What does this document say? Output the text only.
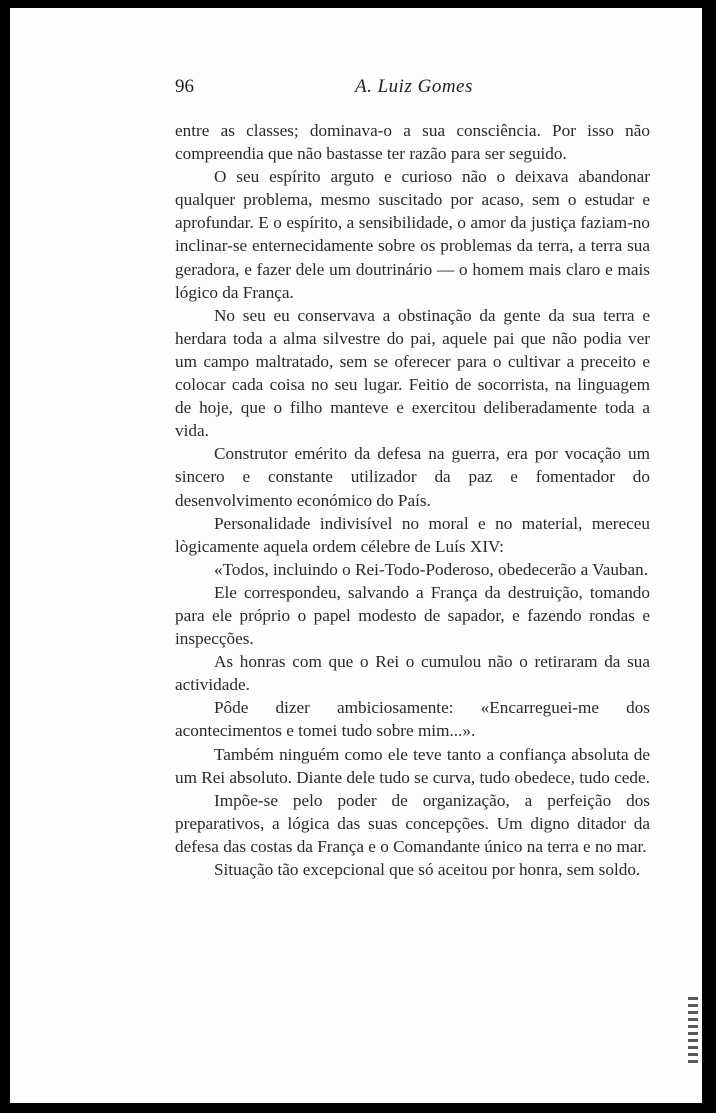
96	A. Luiz Gomes

entre as classes; dominava-o a sua consciência. Por isso não compreendia que não bastasse ter razão para ser seguido.

O seu espírito arguto e curioso não o deixava abandonar qualquer problema, mesmo suscitado por acaso, sem o estudar e aprofundar. E o espírito, a sensibilidade, o amor da justiça faziam-no inclinar-se enternecidamente sobre os problemas da terra, a terra sua geradora, e fazer dele um doutrinário — o homem mais claro e mais lógico da França.

No seu eu conservava a obstinação da gente da sua terra e herdara toda a alma silvestre do pai, aquele pai que não podia ver um campo maltratado, sem se oferecer para o cultivar a preceito e colocar cada coisa no seu lugar. Feitio de socorrista, na linguagem de hoje, que o filho manteve e exercitou deliberadamente toda a vida.

Construtor emérito da defesa na guerra, era por vocação um sincero e constante utilizador da paz e fomentador do desenvolvimento económico do País.

Personalidade indivisível no moral e no material, mereceu lògicamente aquela ordem célebre de Luís XIV:

«Todos, incluindo o Rei-Todo-Poderoso, obedecerão a Vauban.

Ele correspondeu, salvando a França da destruição, tomando para ele próprio o papel modesto de sapador, e fazendo rondas e inspecções.

As honras com que o Rei o cumulou não o retiraram da sua actividade.

Pôde dizer ambiciosamente: «Encarreguei-me dos acontecimentos e tomei tudo sobre mim...».

Também ninguém como ele teve tanto a confiança absoluta de um Rei absoluto. Diante dele tudo se curva, tudo obedece, tudo cede.

Impõe-se pelo poder de organização, a perfeição dos preparativos, a lógica das suas concepções. Um digno ditador da defesa das costas da França e o Comandante único na terra e no mar.

Situação tão excepcional que só aceitou por honra, sem soldo.
